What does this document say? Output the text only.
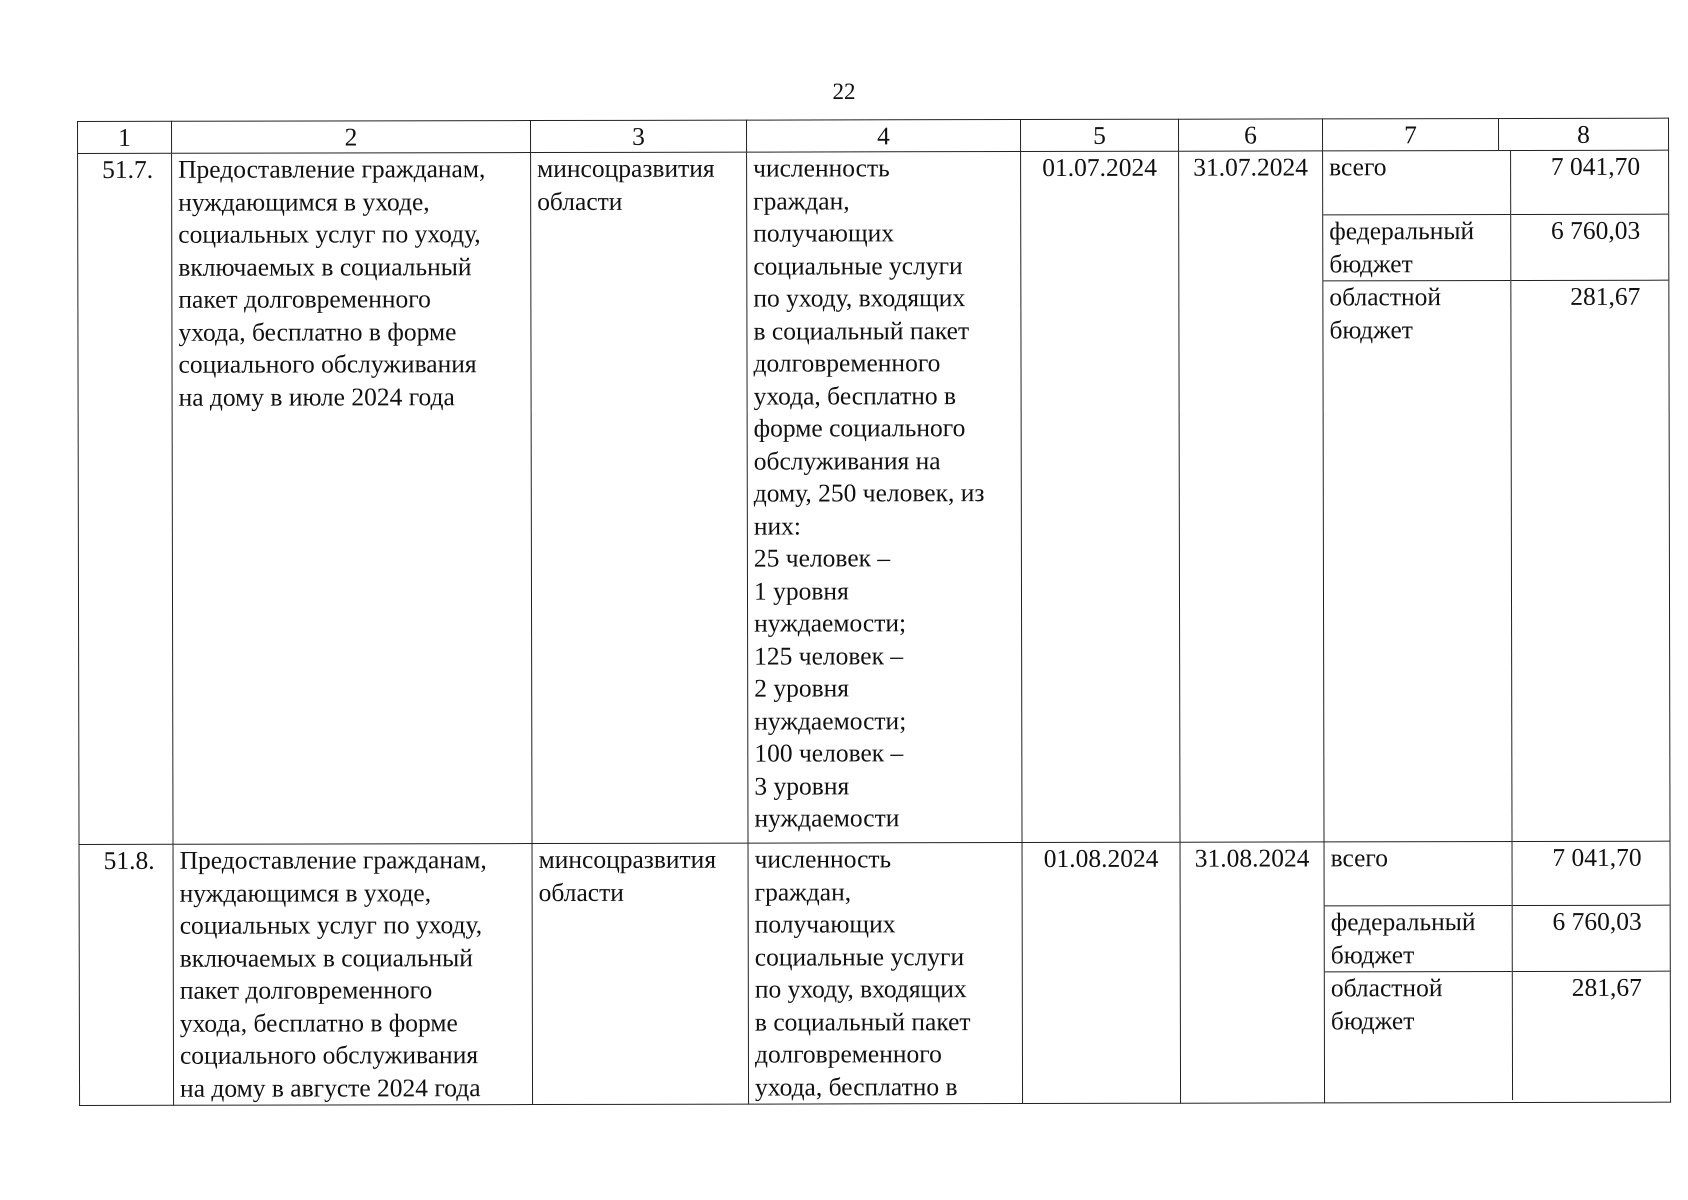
22
1	2	3	4	5	6		7	8

51.7.	Предоставление гражданам,
нуждающимся в уходе,
социальных услуг по уходу,
включаемых в социальный
пакет долговременного
ухода, бесплатно в форме
социального обслуживания
на дому в июле 2024 года	минсоцразвития
области	численность
граждан,
получающих
социальные услуги
по уходу, входящих
в социальный пакет
долговременного
ухода, бесплатно в
форме социального
обслуживания на
дому, 250 человек, из
них:
25 человек –
1 уровня
нуждаемости;
125 человек –
2 уровня
нуждаемости;
100 человек –
3 уровня
нуждаемости	01.07.2024	31.07.2024	всего	7 041,70
федеральный
бюджет	6 760,03
областной
бюджет	281,67

51.8.	Предоставление гражданам,
нуждающимся в уходе,
социальных услуг по уходу,
включаемых в социальный
пакет долговременного
ухода, бесплатно в форме
социального обслуживания
на дому в августе 2024 года	минсоцразвития
области	численность
граждан,
получающих
социальные услуги
по уходу, входящих
в социальный пакет
долговременного
ухода, бесплатно в	01.08.2024	31.08.2024	всего	7 041,70
федеральный
бюджет	6 760,03
областной
бюджет	281,67
